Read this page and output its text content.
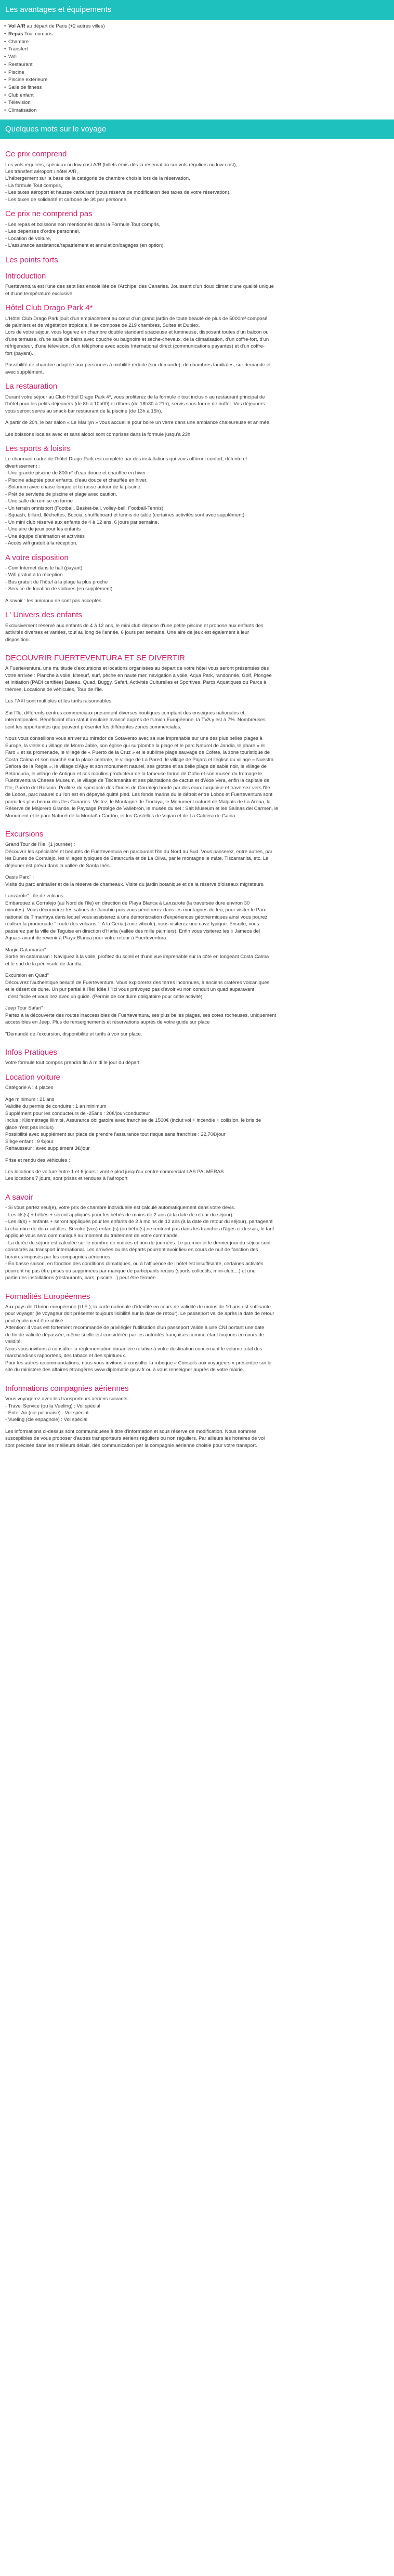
Les avantages et équipements
• Vol A/R au départ de Paris (+2 autres villes)
• Repas Tout compris
• Chambre
• Transfert
• Wifi
• Restaurant
• Piscine
• Piscine extérieure
• Salle de fitness
• Club enfant
• Télévision
• Climatisation
Quelques mots sur le voyage
Ce prix comprend

Les vols réguliers, spéciaux ou low cost A/R (billets émis dès la réservation sur vols réguliers ou low-cost),
Les transfert aéroport / hôtel A/R,
L'hébergement sur la base de la catégorie de chambre choisie lors de la réservation,
- La formule Tout compris,
- Les taxes aéroport et hausse carburant (sous réserve de modification des taxes de votre réservation),
- Les taxes de solidarité et carbone de 3€ par personne.

Ce prix ne comprend pas

- Les repas et boissons non mentionnés dans la Formule Tout compris,
- Les dépenses d'ordre personnel,
- Location de voiture,
- L'assurance assistance/rapatriement et annulation/bagages (en option).

Les points forts
Introduction

Fuerteventura est l'une des sept îles ensoleillée de l'Archipel des Canaries. Jouissant d'un doux climat d'une qualité unique
et d'une température exclusive.

Hôtel Club Drago Park 4*

L'Hôtel Club Drago Park jouit d'un emplacement au cœur d'un grand jardin de toute beauté de plus de 5000m² composé
de palmiers et de végétation tropicale, il se compose de 219 chambres, Suites et Duplex.
Lors de votre séjour, vous logerez en chambre double standard spacieuse et lumineuse, disposant toutes d'un balcon ou
d'une terrasse, d'une salle de bains avec douche ou baignoire et sèche-cheveux, de la climatisation, d'un coffre-fort, d'un
réfrigérateur, d'une télévision, d'un téléphone avec accès International direct (communications payantes) et d'un coffre-
fort (payant).

Possibilité de chambre adaptée aux personnes à mobilité réduite (sur demande), de chambres familiales, sur demande et
avec supplément.

La restauration

Durant votre séjour au Club Hôtel Drago Park 4*, vous profiterez de la formule « tout inclus » au restaurant principal de
l'hôtel pour les petits déjeuners (de 8h à 10h00) et dîners (de 18h30 à 21h), servis sous forme de buffet. Vos déjeuners
vous seront servis au snack-bar restaurant de la piscine (de 13h à 15h).

A partir de 20h, le bar salon « Le Marilyn » vous accueille pour boire un verre dans une ambiance chaleureuse et animée.

Les boissons locales avec et sans alcool sont comprises dans la formule jusqu'à 23h.

Les sports & loisirs

Le charmant cadre de l'hôtel Drago Park est complété par des installations qui vous offriront confort, détente et
divertissement :
- Une grande piscine de 800m² d'eau douce et chauffée en hiver
- Piscine adaptée pour enfants, d'eau douce et chauffée en hiver.
- Solarium avec chaise longue et terrasse autour de la piscine.
- Prêt de serviette de piscine et plage avec caution.
- Une salle de remise en forme
- Un terrain omnisport (Football, Basket-ball, volley-ball, Football-Tennis),
- Squash, billard, fléchettes, Boccia, shuffleboard et tennis de table (certaines activités sont avec supplément)
- Un mini club réservé aux enfants de 4 à 12 ans, 6 jours par semaine.
- Une aire de jeux pour les enfants
- Une équipe d'animation et activités
- Accès wifi gratuit à la réception.

A votre disposition

- Coin Internet dans le hall (payant)
- Wifi gratuit à la réception
- Bus gratuit de l'hôtel à la plage la plus proche
- Service de location de voitures (en supplément)

A savoir : les animaux ne sont pas acceptés.

L' Univers des enfants

Exclusivement réservé aux enfants de 4 à 12 ans, le mini club dispose d'une petite piscine et propose aux enfants des
activités diverses et variées, tout au long de l'année, 6 jours par semaine. Une aire de jeux est également à leur
disposition.

DECOUVRIR FUERTEVENTURA ET SE DIVERTIR

A Fuerteventura, une multitude d'excursions et locations organisées au départ de votre hôtel vous seront présentées dès
votre arrivée : Planche à voile, kitesurf, surf, pêche en haute mer, navigation à voile, Aqua Park, randonnée, Golf, Plongée
et initiation (PADI certifiée) Bateau, Quad, Buggy, Safari, Activités Culturelles et Sportives, Parcs Aquatiques ou Parcs à
thèmes, Locations de véhicules, Tour de l'île.

Les TAXI sont multiples et les tarifs raisonnables.

Sur l'île, différents centres commerciaux présentent diverses boutiques comptant des enseignes nationales et
internationales. Bénéficiant d'un statut insulaire avancé auprès de l'Union Européenne, la TVA y est à 7%. Nombreuses
sont les opportunités que peuvent présenter les différentes zones commerciales.

Nous vous conseillons vous arriver au mirador de Sotavento avec sa vue imprenable sur une des plus belles plages à
Europe, la vielle du village de Morro Jable, son église qui surplombe la plage et le parc Naturel de Jandia, le phare « el
Faro » et sa promenade, le village de « Puerto de la Cruz » et le sublime plage sauvage de Cofete, la zone touristique de
Costa Calma et son marché sur la place centrale, le village de La Pared, le village de Pajara et l'église du village « Nuestra
Señora de la Regla », le village d'Ajuy et son monument naturel, ses grottes et sa belle plage de sable noir, le village de
Betancuria, le village de Antigua et ses moulins producteur de la fameuse farine de Gofio et son musée du fromage le
Fuerteventura Cheese Museum, le village de Tiscamanita et ses plantations de cactus et d'Aloe Vera, enfin la capitale de
l'île, Puerto del Rosario. Profitez du spectacle des Dunes de Corralejo bordé par des eaux turquoise et traversez vers l'île
de Lobos, parc naturel ou l'on est en dépaysé quitté pied. Les fonds marins du le détroit entre Lobos et Fuerteventura sont
parmi les plus beaux des îles Canaries. Visitez, le Montagne de Tindaya, le Monument naturel de Malpaís de La Arena, la
Réserve de Majorero Grande, le Paysage Protégé de Vallebrón, le musée du sel : Salt Museum et les Salinas del Carmen, le
Monument et le parc Naturel de la Montaña Cardón, et los Castellos de Vigian et de La Caldera de Gairia..

Excursions

Grand Tour de l'Île "(1 journée) :
Découvrir les spécialités et beautés de Fuerteventura en parcourant l'île du Nord au Sud. Vous passerez, entre autres, par
les Dunes de Corralejo, les villages typiques de Betancuria et de La Oliva, par le montagne le mâte, Tiscamanita, etc. Le
déjeuner est prévu dans la vallée de Santa Inés.

Oasis Parc" :
Visite du parc animalier et de la réserve de chameaux. Visite du jardin botanique et de la réserve d'oiseaux migrateurs.

Lanzarote" : île de volcans
Embarquez à Corralejo (au Nord de l'île) en direction de Playa Blanca à Lanzarote (la traversée dure environ 30
minutes). Vous découvrirez les salines de Janubio puis vous pénètrerez dans les montagnes de feu, pour visiter le Parc
national de Timanfaya dans lequel vous assisterez à une démonstration d'expériences géothermiques ainsi vous pourez
réaliser la promenade " route des volcans ". A la Geria (zone viticole), vous visiterez une cave typique. Ensuite, vous
passerez par la ville de Teguise en direction d'Haria (vallée des mille palmiers). Enfin vous visiterez les « Jameos del
Agua » avant de revenir à Playa Blanca pour votre retour à Fuerteventura.

Magic Catamaran" :
Sortie en catamaran : Naviguez à la voile, profitez du soleil et d'une vue imprenable sur la côte en longeant Costa Calma
et le sud de la péninsule de Jandía.

Excursion en Quad"
Découvrez l'authentique beauté de Fuerteventura. Vous explorerez des terres inconnues, à anciens cratères volcaniques
et le désert de dune. Un pur partial à l'île! Idée ! "Ici vous prévoyez pas d'avoir vu non conduit un quad auparavant
; c'est facile et vous irez avec un guide. (Permis de conduire obligatoire pour cette activité)

Jeep Tour Safari" :
Partez à la découverte des routes inaccessibles de Fuerteventura, ses plus belles plages, ses cotes rocheuses, uniquement
accessibles en Jeep. Plus de renseignements et réservations auprès de votre guide sur place

"Demandé de l'excursion, disponibilité et tarifs à voir sur place.

Infos Pratiques

Votre formule tout compris prendra fin à midi le jour du départ.

Location voiture

Catégorie A : 4 places

Age minimum : 21 ans
Validité du permis de conduire : 1 an minimum
Supplément pour les conducteurs de -25ans : 20€/jour/conducteur
Inclus : Kilométrage illimité, Assurance obligatoire avec franchise de 1500€ (inclut vol + incendie + collision, le bris de
glace n'est pas inclus)
Possibilité avec supplément sur place de prendre l'assurance tout risque sans franchise : 22,70€/jour
Siège enfant : 9 €/jour
Rehausseur : avec supplément 3€/jour

Prise et rendu des véhicules :

Les locations de voiture entre 1 et 6 jours : vont é plod jusqu'au centre commercial LAS PALMERAS
Les locations 7 jours, sont prises et rendues à l'aéroport

A savoir

- Si vous partez seul(e), votre prix de chambre individuelle est calculé automatiquement dans votre devis.
- Les lits(s) + bébés + seront appliqués pour les bébés de moins de 2 ans (à la date de retour du séjour).
- Les lit(s) + enfants + seront appliqués pour les enfants de 2 à moins de 12 ans (à la date de retour du séjour), partageant
la chambre de deux adultes. Si votre (vos) enfant(s) (ou bébé(s) ne rentrent pas dans les tranches d'âges ci-dessus, le tarif
appliqué vous sera communiqué au moment du traitement de votre commande.
- La durée du séjour est calculée sur le nombre de nuitées et non de journées. Le premier et le dernier jour du séjour sont
consacrés au transport international. Les arrivées ou les départs pourront avoir lieu en cours de nuit de fonction des
horaires imposés par les compagnies aériennes.
- En basse saison, en fonction des conditions climatiques, ou à l'affluence de l'hôtel est insuffisante, certaines activités
pourront ne pas être prises ou supprimées par manque de participants requis (sports collectifs, mini-club,...) et une
partie des installations (restaurants, bars, piscine...) peut être fermée.

Formalités Européennes

Aux pays de l'Union européenne (U.E.), la carte nationale d'identité en cours de validité de moins de 10 ans est suffisante
pour voyager (le voyageur doit présenter toujours lisibilité sur la date de retour). Le passeport valide après la date de retour
peut également être utilisé.
Attention: Il vous est fortement recommandé de privilégier l'utilisation d'un passeport valide à une CNI portant une date
de fin de validité dépassée, même si elle est considérée par les autorités françaises comme étant toujours en cours de
validité.
Nous vous invitons à consulter la réglementation douanière relative à votre destination concernant le volume total des
marchandises rapportées, des tabacs et des spiritueux.
Pour les autres recommandations, nous vous invitons à consulter la rubrique « Conseils aux voyageurs » présentée sur le
site du ministère des affaires étrangères www.diplomatie.gouv.fr ou à vous renseigner auprès de votre mairie.

Informations compagnies aériennes

Vous voyagerez avec les transporteurs aériens suivants :
- Travel Service (ou la Vueling) : Vol spécial
- Enter Air (cie polonaise) : Vol spécial
- Vueling (cie espagnole) : Vol spécial

Les informations ci-dessus sont communiquées à titre d'information et sous réserve de modification. Nous sommes
susceptibles de vous proposer d'autres transporteurs aériens réguliers ou non réguliers. Par ailleurs les horaires de vol
sont précisés dans les meilleurs délais, dès communication par la compagnie aérienne choisie pour votre transport.
